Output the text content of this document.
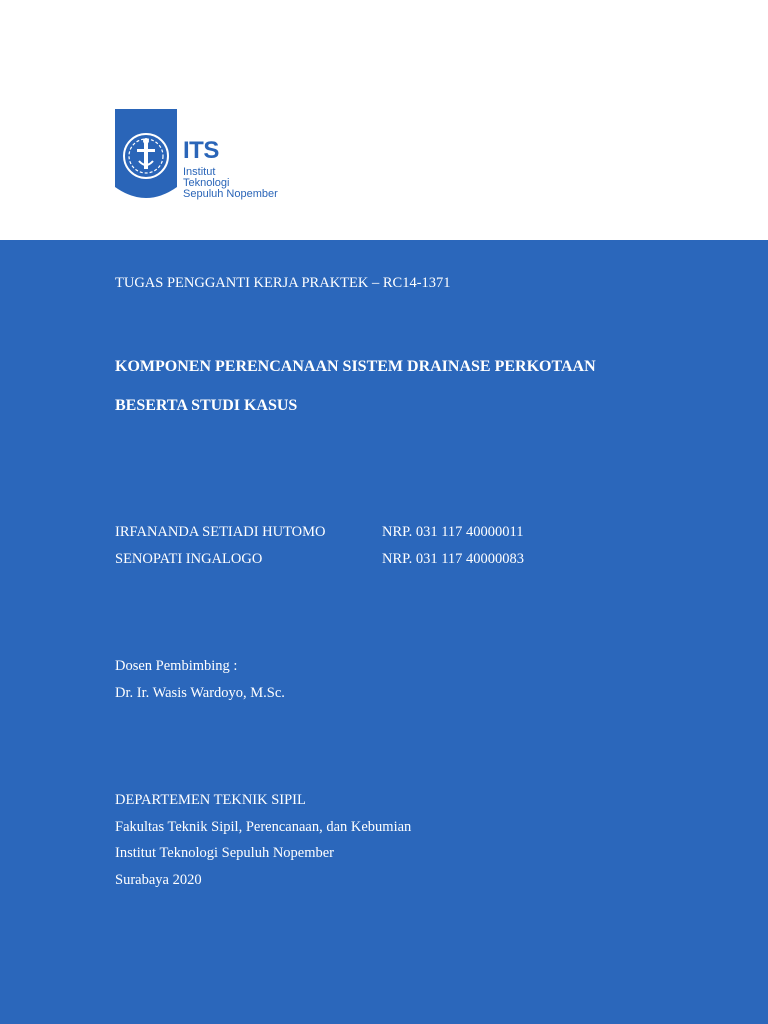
ITS
Institut
Teknologi
Sepuluh Nopember
TUGAS PENGGANTI KERJA PRAKTEK – RC14-1371
KOMPONEN PERENCANAAN SISTEM DRAINASE PERKOTAAN
BESERTA STUDI KASUS
IRFANANDA SETIADI HUTOMO	NRP. 031 117 40000011
SENOPATI INGALOGO	NRP. 031 117 40000083
Dosen Pembimbing :
Dr. Ir. Wasis Wardoyo, M.Sc.
DEPARTEMEN TEKNIK SIPIL
Fakultas Teknik Sipil, Perencanaan, dan Kebumian
Institut Teknologi Sepuluh Nopember
Surabaya 2020
